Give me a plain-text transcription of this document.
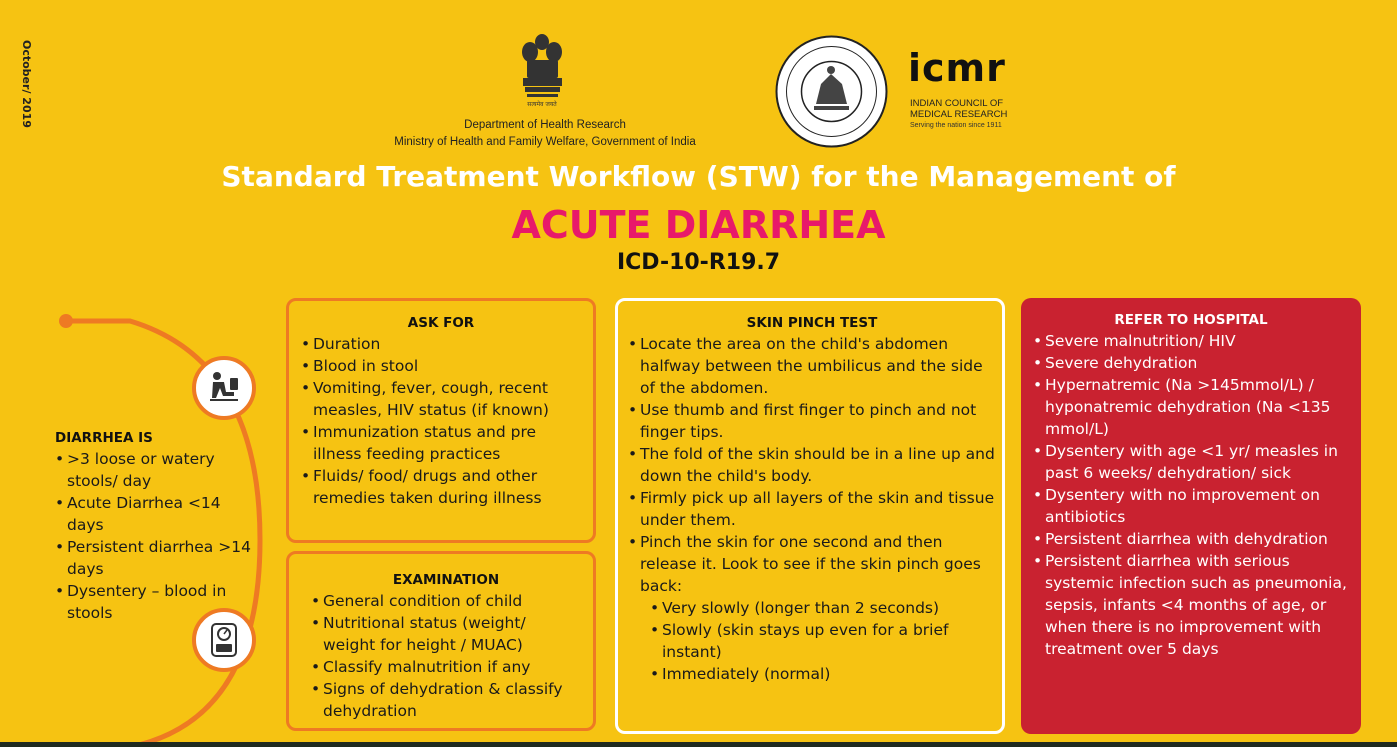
October/ 2019	सत्यमेव जयते
Department of Health Research
Ministry of Health and Family Welfare, Government of India
icmr
INDIAN COUNCIL OF
MEDICAL RESEARCH
Serving the nation since 1911
Standard Treatment Workflow (STW) for the Management of
ACUTE DIARRHEA
ICD-10-R19.7
DIARRHEA IS
• >3 loose or watery stools/ day
• Acute Diarrhea <14 days
• Persistent diarrhea >14 days
• Dysentery – blood in stools
ASK FOR
• Duration
• Blood in stool
• Vomiting, fever, cough, recent measles, HIV status (if known)
• Immunization status and pre illness feeding practices
• Fluids/ food/ drugs and other remedies taken during illness
EXAMINATION
• General condition of child
• Nutritional status (weight/ weight for height / MUAC)
• Classify malnutrition if any
• Signs of dehydration & classify dehydration
SKIN PINCH TEST
• Locate the area on the child's abdomen halfway between the umbilicus and the side of the abdomen.
• Use thumb and first finger to pinch and not finger tips.
• The fold of the skin should be in a line up and down the child's body.
• Firmly pick up all layers of the skin and tissue under them.
• Pinch the skin for one second and then release it. Look to see if the skin pinch goes back:
• Very slowly (longer than 2 seconds)
• Slowly (skin stays up even for a brief instant)
• Immediately (normal)
REFER TO HOSPITAL
• Severe malnutrition/ HIV
• Severe dehydration
• Hypernatremic (Na >145mmol/L) / hyponatremic dehydration (Na <135 mmol/L)
• Dysentery with age <1 yr/ measles in past 6 weeks/ dehydration/ sick
• Dysentery with no improvement on antibiotics
• Persistent diarrhea with dehydration
• Persistent diarrhea with serious systemic infection such as pneumonia, sepsis, infants <4 months of age, or when there is no improvement with treatment over 5 days
